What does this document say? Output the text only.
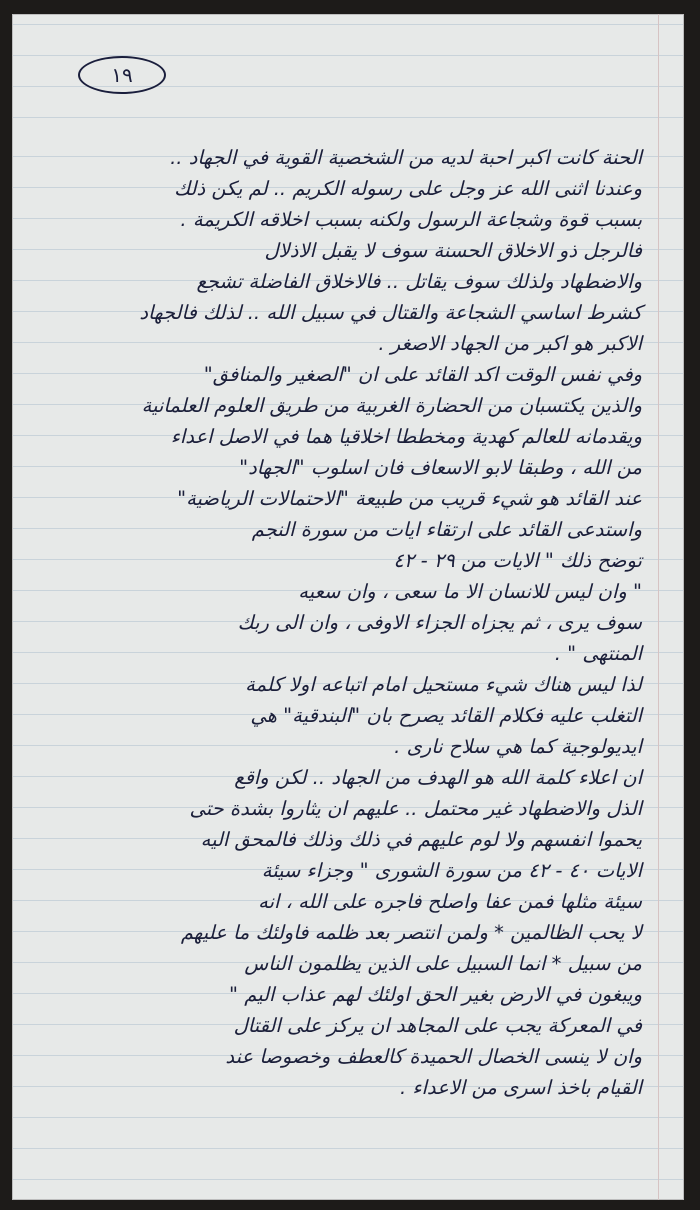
١٩
الحنة كانت اكبر احبة لديه من الشخصية القوية في الجهاد ..
وعندنا اثنى الله عز وجل على رسوله الكريم .. لم يكن ذلك
بسبب قوة وشجاعة الرسول ولكنه بسبب اخلاقه الكريمة .
فالرجل ذو الاخلاق الحسنة سوف لا يقبل الاذلال
والاضطهاد ولذلك سوف يقاتل .. فالاخلاق الفاضلة تشجع
كشرط اساسي الشجاعة والقتال في سبيل الله .. لذلك فالجهاد
الاكبر هو اكبر من الجهاد الاصغر .
وفي نفس الوقت اكد القائد على ان "الصغير والمنافق"
والذين يكتسبان من الحضارة الغربية من طريق العلوم العلمانية
ويقدمانه للعالم كهدية ومخططا اخلاقيا هما في الاصل اعداء
من الله ، وطبقا لابو الاسعاف فان اسلوب "الجهاد"
عند القائد هو شيء قريب من طبيعة "الاحتمالات الرياضية"
واستدعى القائد على ارتقاء ايات من سورة النجم
توضح ذلك " الايات من ٢٩ - ٤٢
" وان ليس للانسان الا ما سعى ، وان سعيه
سوف يرى ، ثم يجزاه الجزاء الاوفى ، وان الى ربك
المنتهى " .
لذا ليس هناك شيء مستحيل امام اتباعه اولا كلمة
التغلب عليه فكلام القائد يصرح بان "البندقية" هي
ايديولوجية كما هي سلاح نارى .
ان اعلاء كلمة الله هو الهدف من الجهاد .. لكن واقع
الذل والاضطهاد غير محتمل .. عليهم ان يثاروا بشدة حتى
يحموا انفسهم ولا لوم عليهم في ذلك وذلك فالمحق اليه
الايات ٤٠ - ٤٢ من سورة الشورى " وجزاء سيئة
سيئة مثلها فمن عفا واصلح فاجره على الله ، انه
لا يحب الظالمين * ولمن انتصر بعد ظلمه فاولئك ما عليهم
من سبيل * انما السبيل على الذين يظلمون الناس
ويبغون في الارض بغير الحق اولئك لهم عذاب اليم "
في المعركة يجب على المجاهد ان يركز على القتال
وان لا ينسى الخصال الحميدة كالعطف وخصوصا عند
القيام باخذ اسرى من الاعداء .
